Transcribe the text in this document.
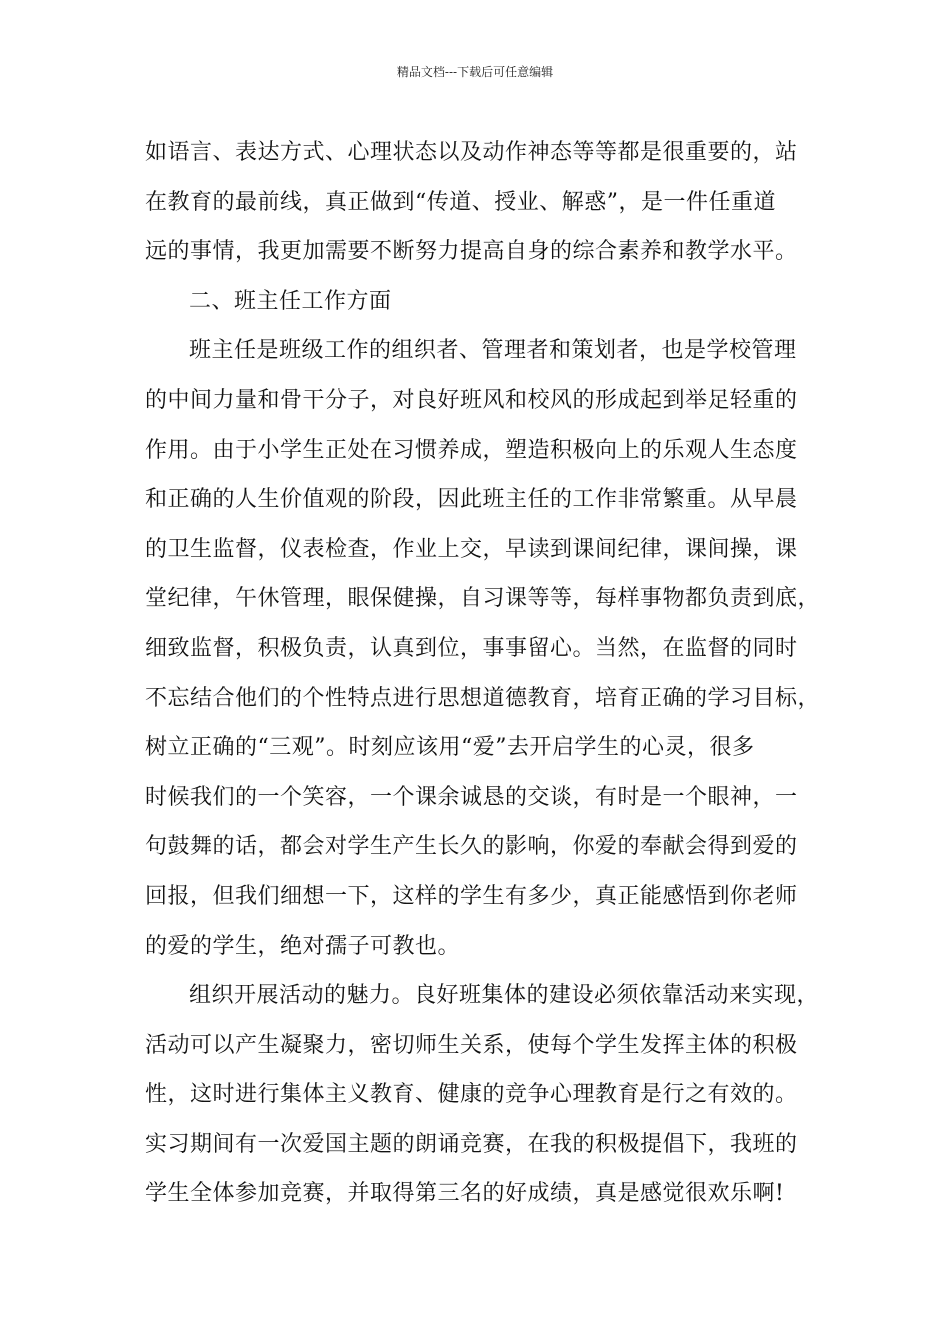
精品文档---下载后可任意编辑
如语言、表达方式、心理状态以及动作神态等等都是很重要的，站
在教育的最前线，真正做到“传道、授业、解惑”，是一件任重道
远的事情，我更加需要不断努力提高自身的综合素养和教学水平。
二、班主任工作方面
班主任是班级工作的组织者、管理者和策划者，也是学校管理
的中间力量和骨干分子，对良好班风和校风的形成起到举足轻重的
作用。由于小学生正处在习惯养成，塑造积极向上的乐观人生态度
和正确的人生价值观的阶段，因此班主任的工作非常繁重。从早晨
的卫生监督，仪表检查，作业上交，早读到课间纪律，课间操，课
堂纪律，午休管理，眼保健操，自习课等等，每样事物都负责到底，
细致监督，积极负责，认真到位，事事留心。当然，在监督的同时
不忘结合他们的个性特点进行思想道德教育，培育正确的学习目标，
树立正确的“三观”。时刻应该用“爱”去开启学生的心灵，很多
时候我们的一个笑容，一个课余诚恳的交谈，有时是一个眼神，一
句鼓舞的话，都会对学生产生长久的影响，你爱的奉献会得到爱的
回报，但我们细想一下，这样的学生有多少，真正能感悟到你老师
的爱的学生，绝对孺子可教也。
组织开展活动的魅力。良好班集体的建设必须依靠活动来实现，
活动可以产生凝聚力，密切师生关系，使每个学生发挥主体的积极
性，这时进行集体主义教育、健康的竞争心理教育是行之有效的。
实习期间有一次爱国主题的朗诵竞赛，在我的积极提倡下，我班的
学生全体参加竞赛，并取得第三名的好成绩，真是感觉很欢乐啊!
